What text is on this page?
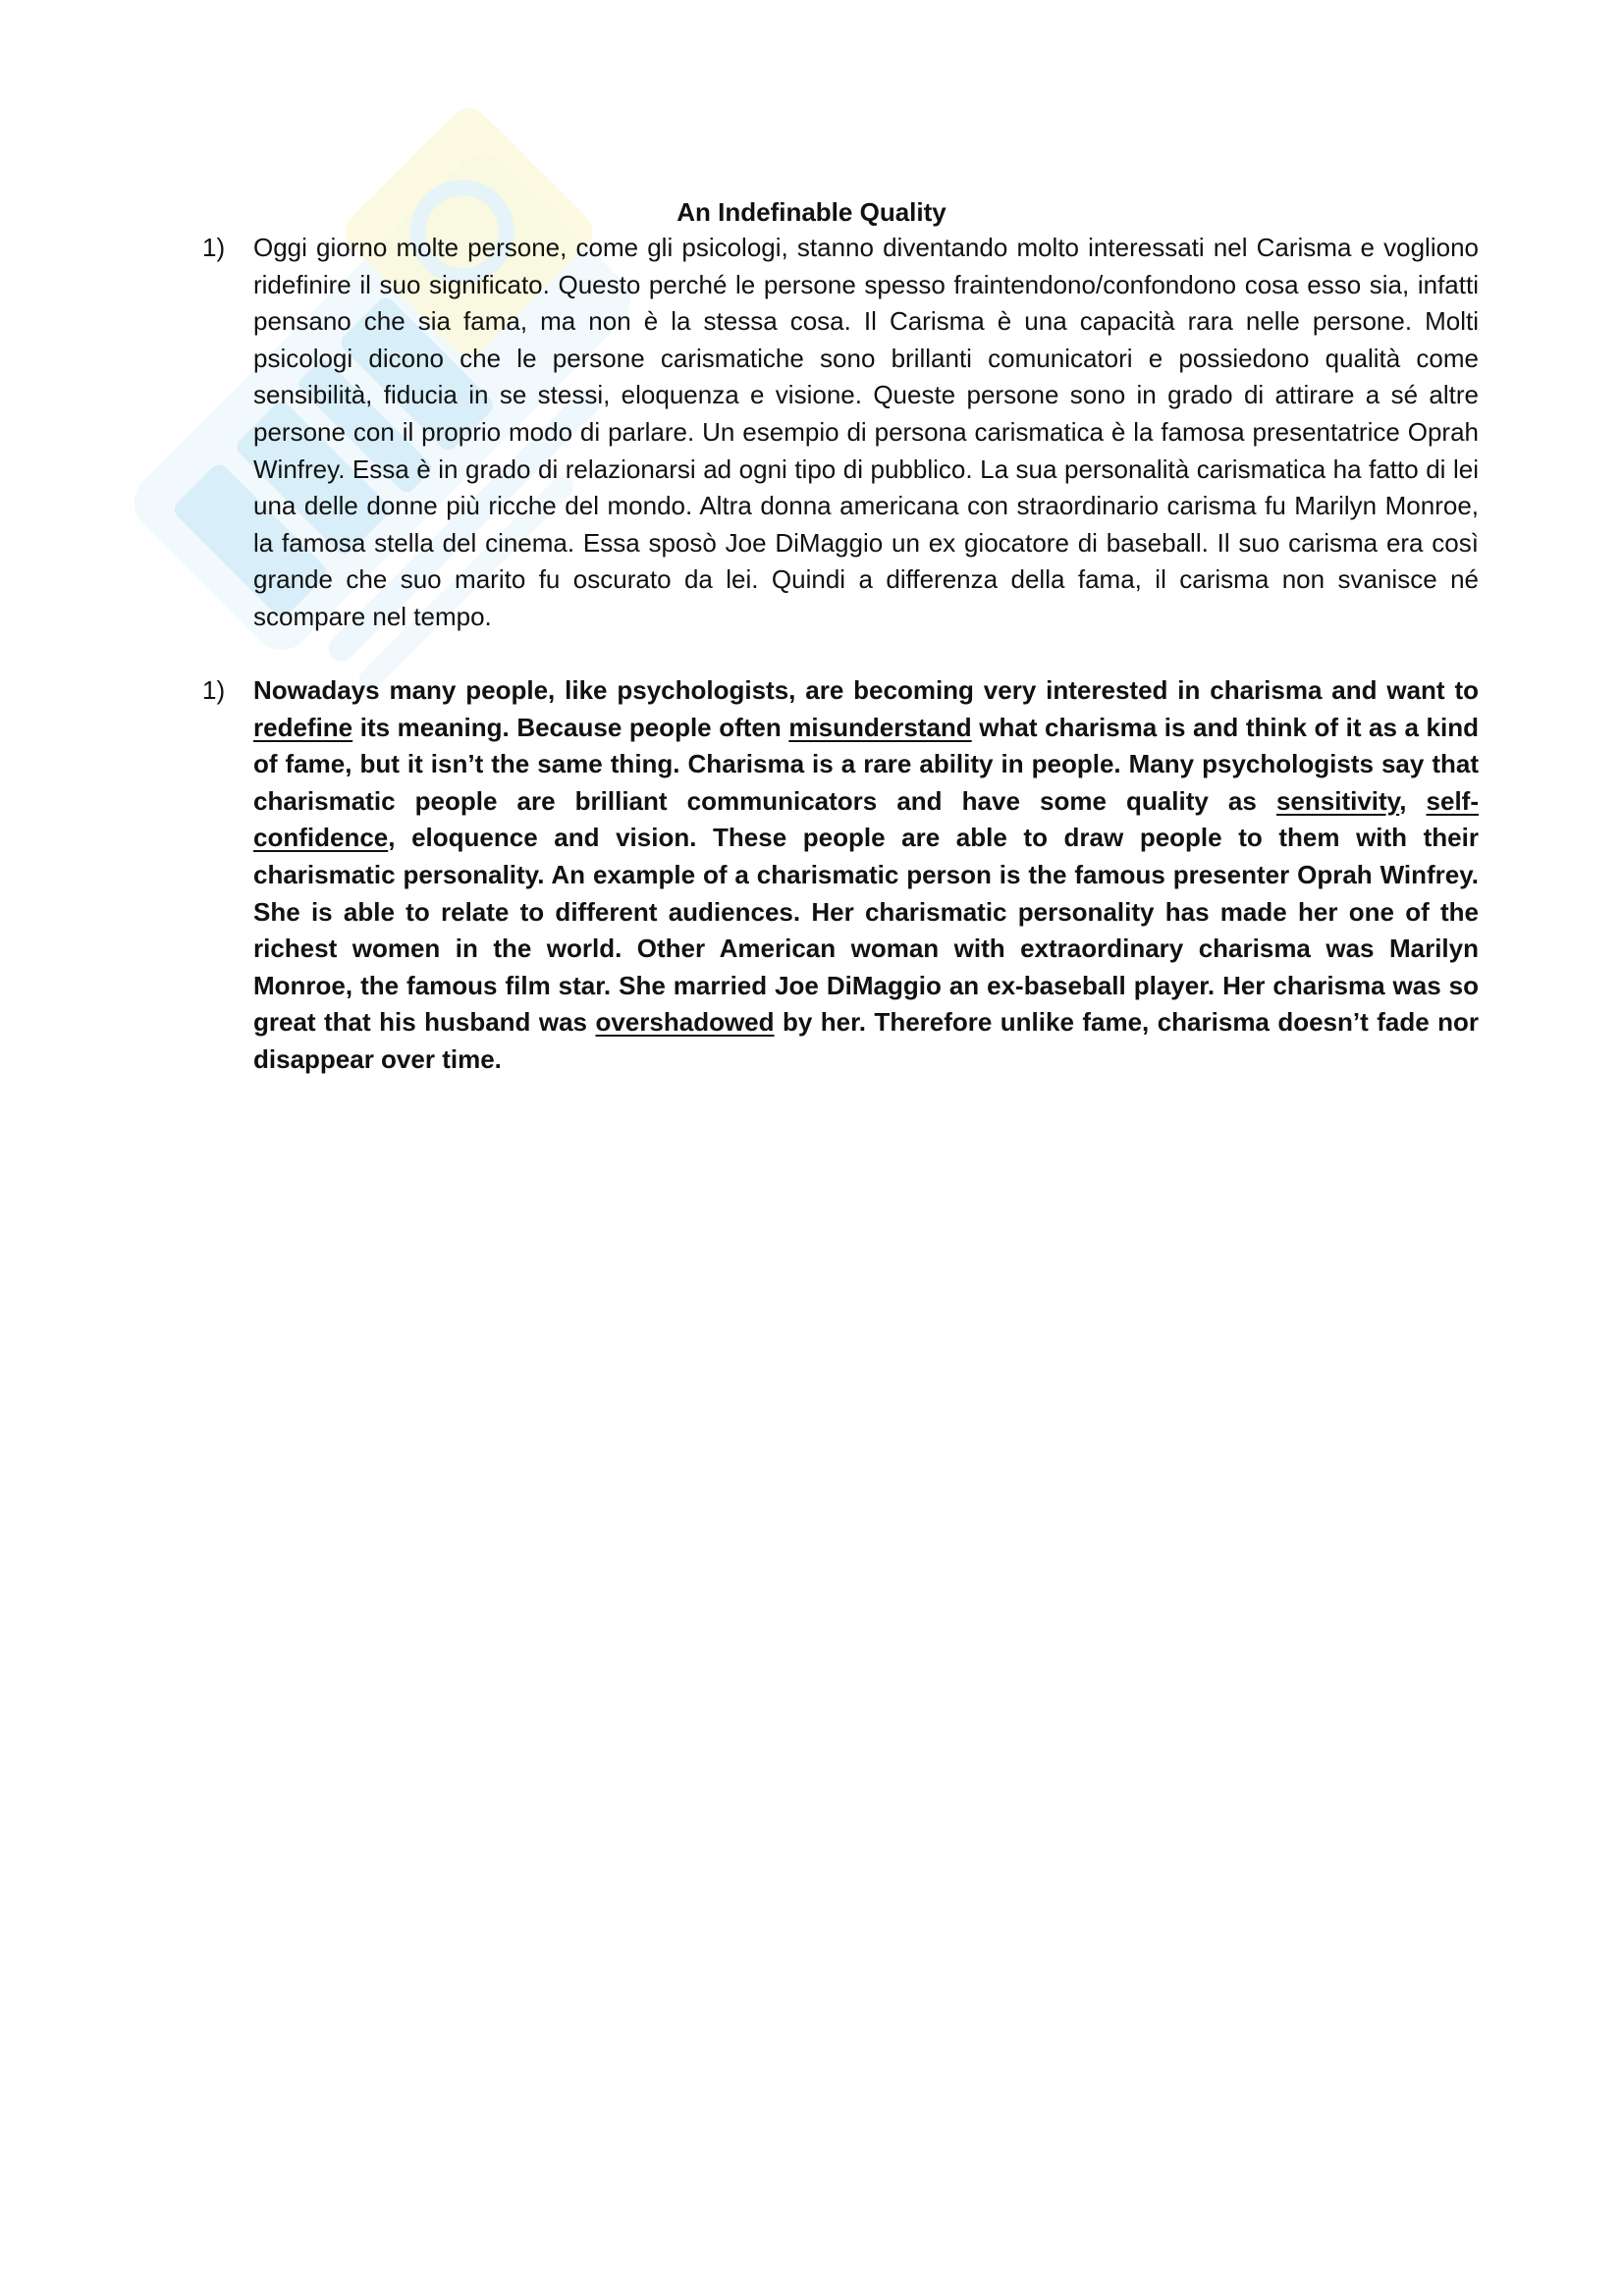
An Indefinable Quality
1) Oggi giorno molte persone, come gli psicologi, stanno diventando molto interessati nel Carisma e vogliono ridefinire il suo significato. Questo perché le persone spesso fraintendono/confondono cosa esso sia, infatti pensano che sia fama, ma non è la stessa cosa. Il Carisma è una capacità rara nelle persone. Molti psicologi dicono che le persone carismatiche sono brillanti comunicatori e possiedono qualità come sensibilità, fiducia in se stessi, eloquenza e visione. Queste persone sono in grado di attirare a sé altre persone con il proprio modo di parlare. Un esempio di persona carismatica è la famosa presentatrice Oprah Winfrey. Essa è in grado di relazionarsi ad ogni tipo di pubblico. La sua personalità carismatica ha fatto di lei una delle donne più ricche del mondo. Altra donna americana con straordinario carisma fu Marilyn Monroe, la famosa stella del cinema. Essa sposò Joe DiMaggio un ex giocatore di baseball. Il suo carisma era così grande che suo marito fu oscurato da lei. Quindi a differenza della fama, il carisma non svanisce né scompare nel tempo.

1) Nowadays many people, like psychologists, are becoming very interested in charisma and want to redefine its meaning. Because people often misunderstand what charisma is and think of it as a kind of fame, but it isn’t the same thing. Charisma is a rare ability in people. Many psychologists say that charismatic people are brilliant communicators and have some quality as sensitivity, self-confidence, eloquence and vision. These people are able to draw people to them with their charismatic personality. An example of a charismatic person is the famous presenter Oprah Winfrey. She is able to relate to different audiences. Her charismatic personality has made her one of the richest women in the world. Other American woman with extraordinary charisma was Marilyn Monroe, the famous film star. She married Joe DiMaggio an ex-baseball player. Her charisma was so great that his husband was overshadowed by her. Therefore unlike fame, charisma doesn’t fade nor disappear over time.
